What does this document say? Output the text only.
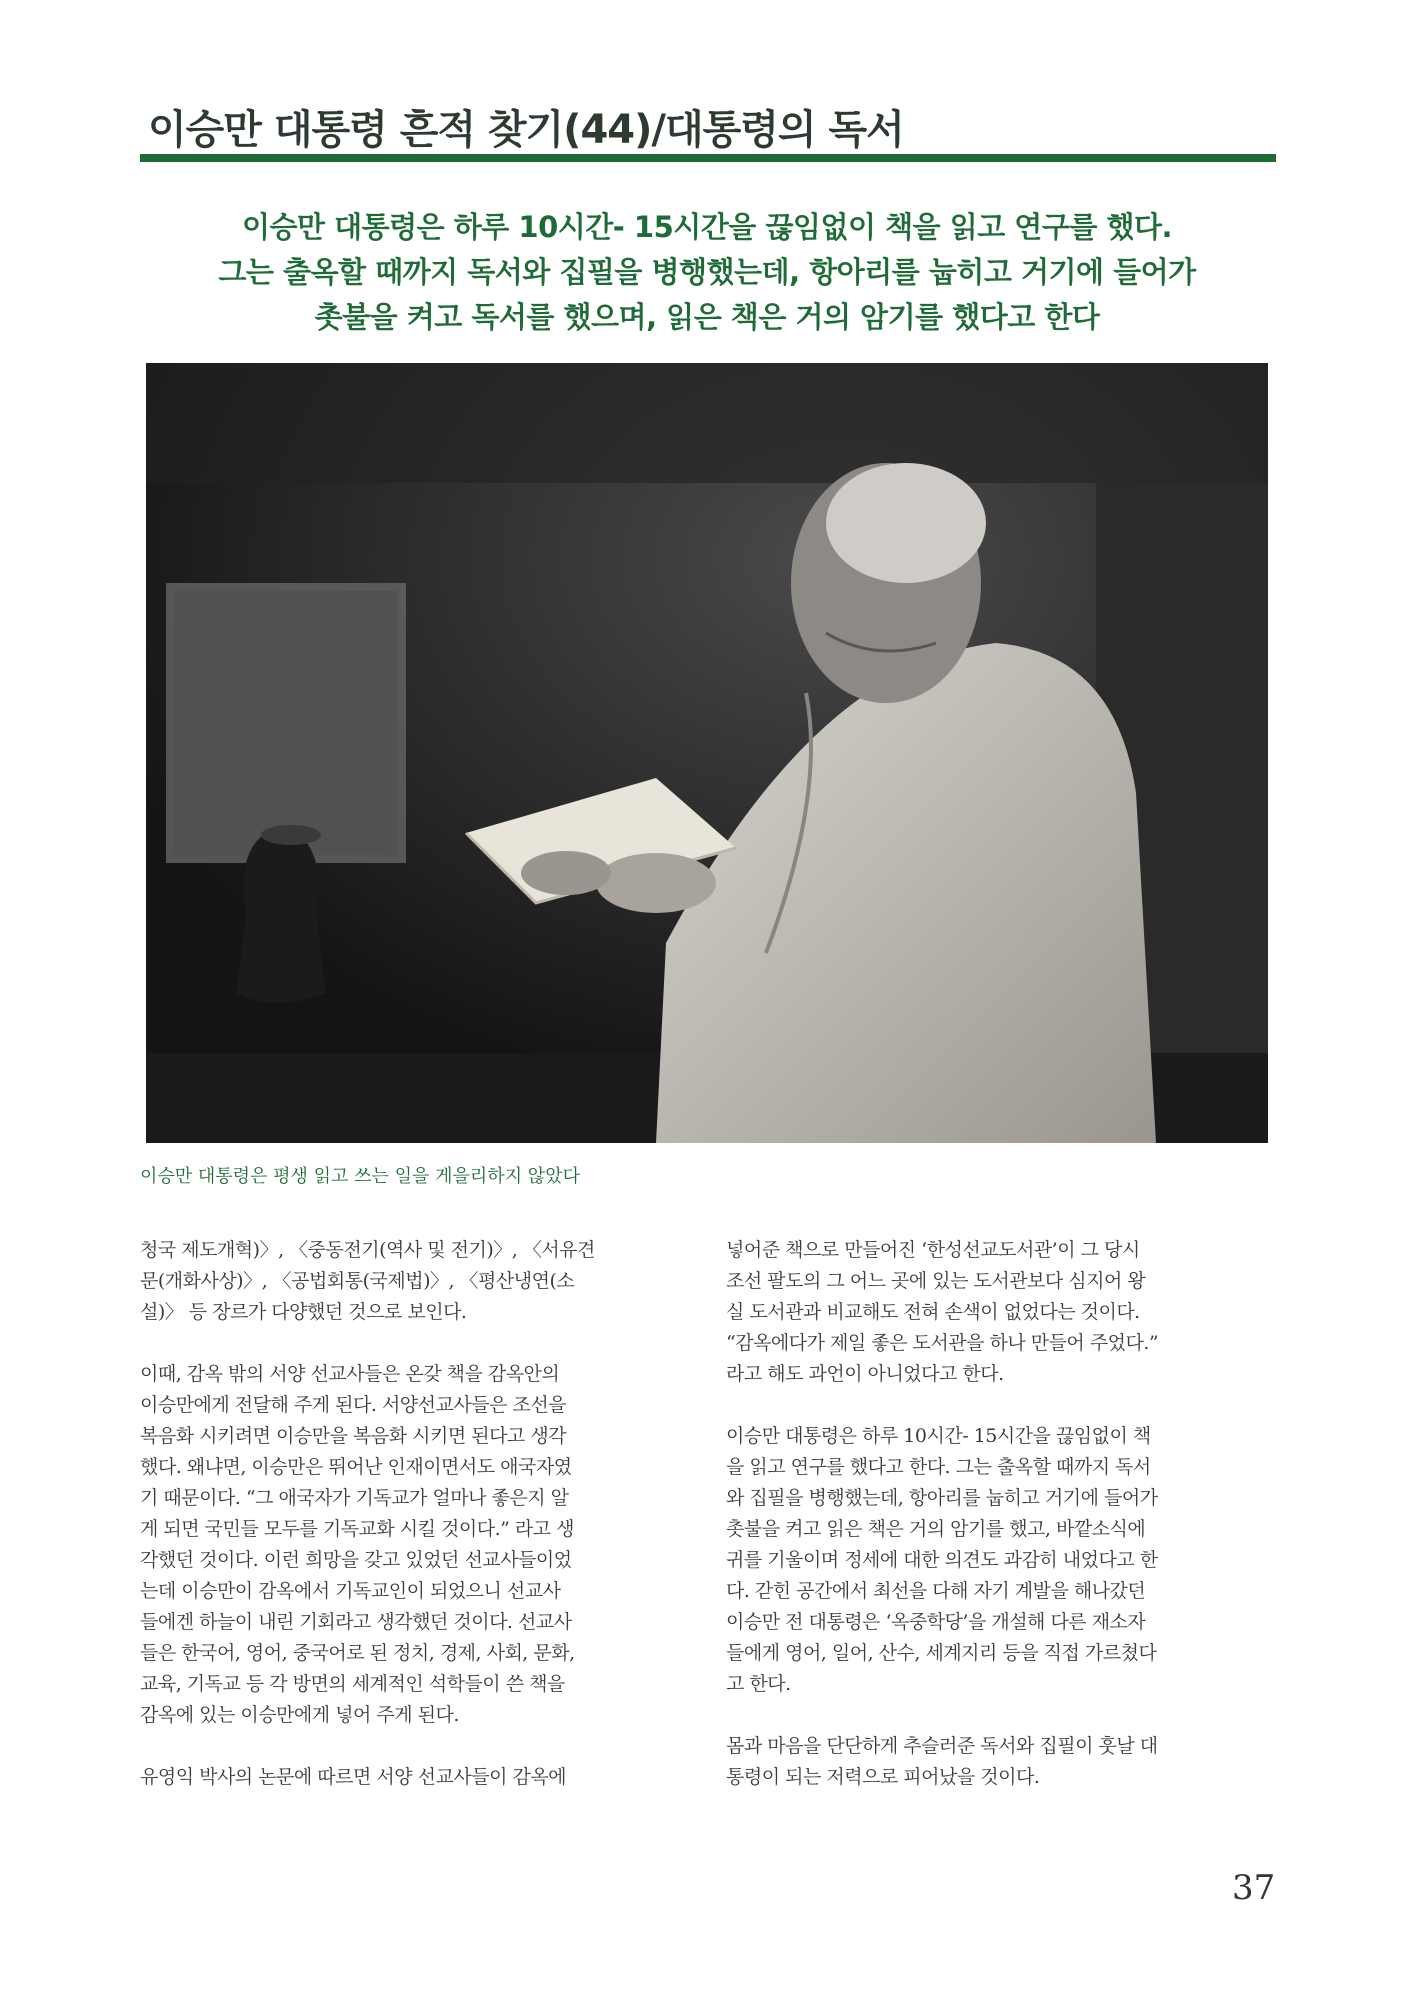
이승만 대통령 흔적 찾기(44)/대통령의 독서
이승만 대통령은 하루 10시간- 15시간을 끊임없이 책을 읽고 연구를 했다.
그는 출옥할 때까지 독서와 집필을 병행했는데, 항아리를 눕히고 거기에 들어가
촛불을 켜고 독서를 했으며, 읽은 책은 거의 암기를 했다고 한다
이승만 대통령은 평생 읽고 쓰는 일을 게을리하지 않았다
청국 제도개혁)〉, 〈중동전기(역사 및 전기)〉, 〈서유견
문(개화사상)〉, 〈공법회통(국제법)〉, 〈평산냉연(소
설)〉 등 장르가 다양했던 것으로 보인다.
이때, 감옥 밖의 서양 선교사들은 온갖 책을 감옥안의
이승만에게 전달해 주게 된다. 서양선교사들은 조선을
복음화 시키려면 이승만을 복음화 시키면 된다고 생각
했다. 왜냐면, 이승만은 뛰어난 인재이면서도 애국자였
기 때문이다. “그 애국자가 기독교가 얼마나 좋은지 알
게 되면 국민들 모두를 기독교화 시킬 것이다.” 라고 생
각했던 것이다. 이런 희망을 갖고 있었던 선교사들이었
는데 이승만이 감옥에서 기독교인이 되었으니 선교사
들에겐 하늘이 내린 기회라고 생각했던 것이다. 선교사
들은 한국어, 영어, 중국어로 된 정치, 경제, 사회, 문화,
교육, 기독교 등 각 방면의 세계적인 석학들이 쓴 책을
감옥에 있는 이승만에게 넣어 주게 된다.
유영익 박사의 논문에 따르면 서양 선교사들이 감옥에
넣어준 책으로 만들어진 ‘한성선교도서관’이 그 당시
조선 팔도의 그 어느 곳에 있는 도서관보다 심지어 왕
실 도서관과 비교해도 전혀 손색이 없었다는 것이다.
“감옥에다가 제일 좋은 도서관을 하나 만들어 주었다.”
라고 해도 과언이 아니었다고 한다.
이승만 대통령은 하루 10시간- 15시간을 끊임없이 책
을 읽고 연구를 했다고 한다. 그는 출옥할 때까지 독서
와 집필을 병행했는데, 항아리를 눕히고 거기에 들어가
촛불을 켜고 읽은 책은 거의 암기를 했고, 바깥소식에
귀를 기울이며 정세에 대한 의견도 과감히 내었다고 한
다. 갇힌 공간에서 최선을 다해 자기 계발을 해나갔던
이승만 전 대통령은 ‘옥중학당’을 개설해 다른 재소자
들에게 영어, 일어, 산수, 세계지리 등을 직접 가르쳤다
고 한다.
몸과 마음을 단단하게 추슬러준 독서와 집필이 훗날 대
통령이 되는 저력으로 피어났을 것이다.
37
